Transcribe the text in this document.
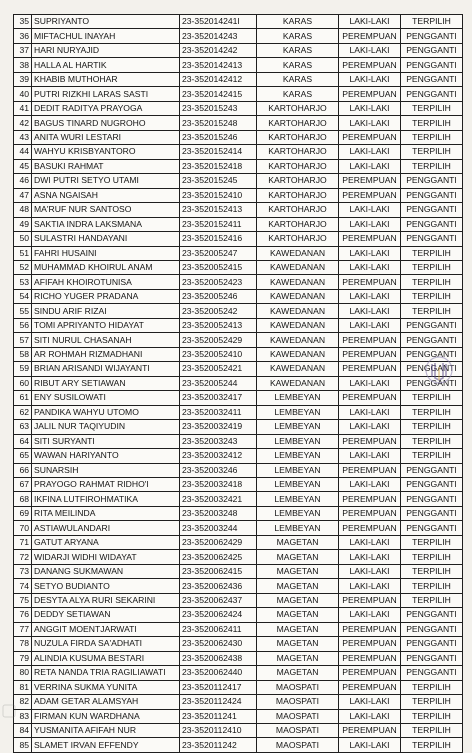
35	SUPRIYANTO	23-352014241I	KARAS	LAKI-LAKI	TERPILIH
36	MIFTACHUL INAYAH	23-352014243	KARAS	PEREMPUAN	PENGGANTI
37	HARI NURYAJID	23-352014242	KARAS	LAKI-LAKI	PENGGANTI
38	HALLA AL HARTIK	23-3520142413	KARAS	PEREMPUAN	PENGGANTI
39	KHABIB MUTHOHAR	23-3520142412	KARAS	LAKI-LAKI	PENGGANTI
40	PUTRI RIZKHI LARAS SASTI	23-3520142415	KARAS	PEREMPUAN	PENGGANTI
41	DEDIT RADITYA PRAYOGA	23-352015243	KARTOHARJO	LAKI-LAKI	TERPILIH
42	BAGUS TINARD NUGROHO	23-352015248	KARTOHARJO	LAKI-LAKI	TERPILIH
43	ANITA WURI LESTARI	23-352015246	KARTOHARJO	PEREMPUAN	TERPILIH
44	WAHYU KRISBYANTORO	23-3520152414	KARTOHARJO	LAKI-LAKI	TERPILIH
45	BASUKI RAHMAT	23-3520152418	KARTOHARJO	LAKI-LAKI	TERPILIH
46	DWI PUTRI SETYO UTAMI	23-352015245	KARTOHARJO	PEREMPUAN	PENGGANTI
47	ASNA NGAISAH	23-3520152410	KARTOHARJO	PEREMPUAN	PENGGANTI
48	MA'RUF NUR SANTOSO	23-3520152413	KARTOHARJO	LAKI-LAKI	PENGGANTI
49	SAKTIA INDRA LAKSMANA	23-3520152411	KARTOHARJO	LAKI-LAKI	PENGGANTI
50	SULASTRI HANDAYANI	23-3520152416	KARTOHARJO	PEREMPUAN	PENGGANTI
51	FAHRI HUSAINI	23-352005247	KAWEDANAN	LAKI-LAKI	TERPILIH
52	MUHAMMAD KHOIRUL ANAM	23-3520052415	KAWEDANAN	LAKI-LAKI	TERPILIH
53	AFIFAH KHOIROTUNISA	23-3520052423	KAWEDANAN	PEREMPUAN	TERPILIH
54	RICHO YUGER PRADANA	23-352005246	KAWEDANAN	LAKI-LAKI	TERPILIH
55	SINDU ARIF RIZAI	23-352005242	KAWEDANAN	LAKI-LAKI	TERPILIH
56	TOMI APRIYANTO HIDAYAT	23-3520052413	KAWEDANAN	LAKI-LAKI	PENGGANTI
57	SITI NURUL CHASANAH	23-3520052429	KAWEDANAN	PEREMPUAN	PENGGANTI
58	AR ROHMAH RIZMADHANI	23-3520052410	KAWEDANAN	PEREMPUAN	PENGGANTI
59	BRIAN ARISANDI WIJAYANTI	23-3520052421	KAWEDANAN	PEREMPUAN	PENGGANTI
60	RIBUT ARY SETIAWAN	23-352005244	KAWEDANAN	LAKI-LAKI	PENGGANTI
61	ENY SUSILOWATI	23-3520032417	LEMBEYAN	PEREMPUAN	TERPILIH
62	PANDIKA WAHYU UTOMO	23-3520032411	LEMBEYAN	LAKI-LAKI	TERPILIH
63	JALIL NUR TAQIYUDIN	23-3520032419	LEMBEYAN	LAKI-LAKI	TERPILIH
64	SITI SURYANTI	23-352003243	LEMBEYAN	PEREMPUAN	TERPILIH
65	WAWAN HARIYANTO	23-3520032412	LEMBEYAN	LAKI-LAKI	TERPILIH
66	SUNARSIH	23-352003246	LEMBEYAN	PEREMPUAN	PENGGANTI
67	PRAYOGO RAHMAT RIDHO'I	23-3520032418	LEMBEYAN	LAKI-LAKI	PENGGANTI
68	IKFINA LUTFIROHMATIKA	23-3520032421	LEMBEYAN	PEREMPUAN	PENGGANTI
69	RITA MEILINDA	23-352003248	LEMBEYAN	PEREMPUAN	PENGGANTI
70	ASTIAWULANDARI	23-352003244	LEMBEYAN	PEREMPUAN	PENGGANTI
71	GATUT ARYANA	23-3520062429	MAGETAN	LAKI-LAKI	TERPILIH
72	WIDARJI WIDHI WIDAYAT	23-3520062425	MAGETAN	LAKI-LAKI	TERPILIH
73	DANANG SUKMAWAN	23-3520062415	MAGETAN	LAKI-LAKI	TERPILIH
74	SETYO BUDIANTO	23-3520062436	MAGETAN	LAKI-LAKI	TERPILIH
75	DESYTA ALYA RURI SEKARINI	23-3520062437	MAGETAN	PEREMPUAN	TERPILIH
76	DEDDY SETIAWAN	23-3520062424	MAGETAN	LAKI-LAKI	PENGGANTI
77	ANGGIT MOENTJARWATI	23-3520062411	MAGETAN	PEREMPUAN	PENGGANTI
78	NUZULA FIRDA SA'ADHATI	23-3520062430	MAGETAN	PEREMPUAN	PENGGANTI
79	ALINDIA KUSUMA BESTARI	23-3520062438	MAGETAN	PEREMPUAN	PENGGANTI
80	RETA NANDA TRIA RAGILIAWATI	23-3520062440	MAGETAN	PEREMPUAN	PENGGANTI
81	VERRINA SUKMA YUNITA	23-3520112417	MAOSPATI	PEREMPUAN	TERPILIH
82	ADAM GETAR ALAMSYAH	23-3520112424	MAOSPATI	LAKI-LAKI	TERPILIH
83	FIRMAN KUN WARDHANA	23-352011241	MAOSPATI	LAKI-LAKI	TERPILIH
84	YUSMANITA AFIFAH NUR	23-3520112410	MAOSPATI	PEREMPUAN	TERPILIH
85	SLAMET IRVAN EFFENDY	23-352011242	MAOSPATI	LAKI-LAKI	TERPILIH
